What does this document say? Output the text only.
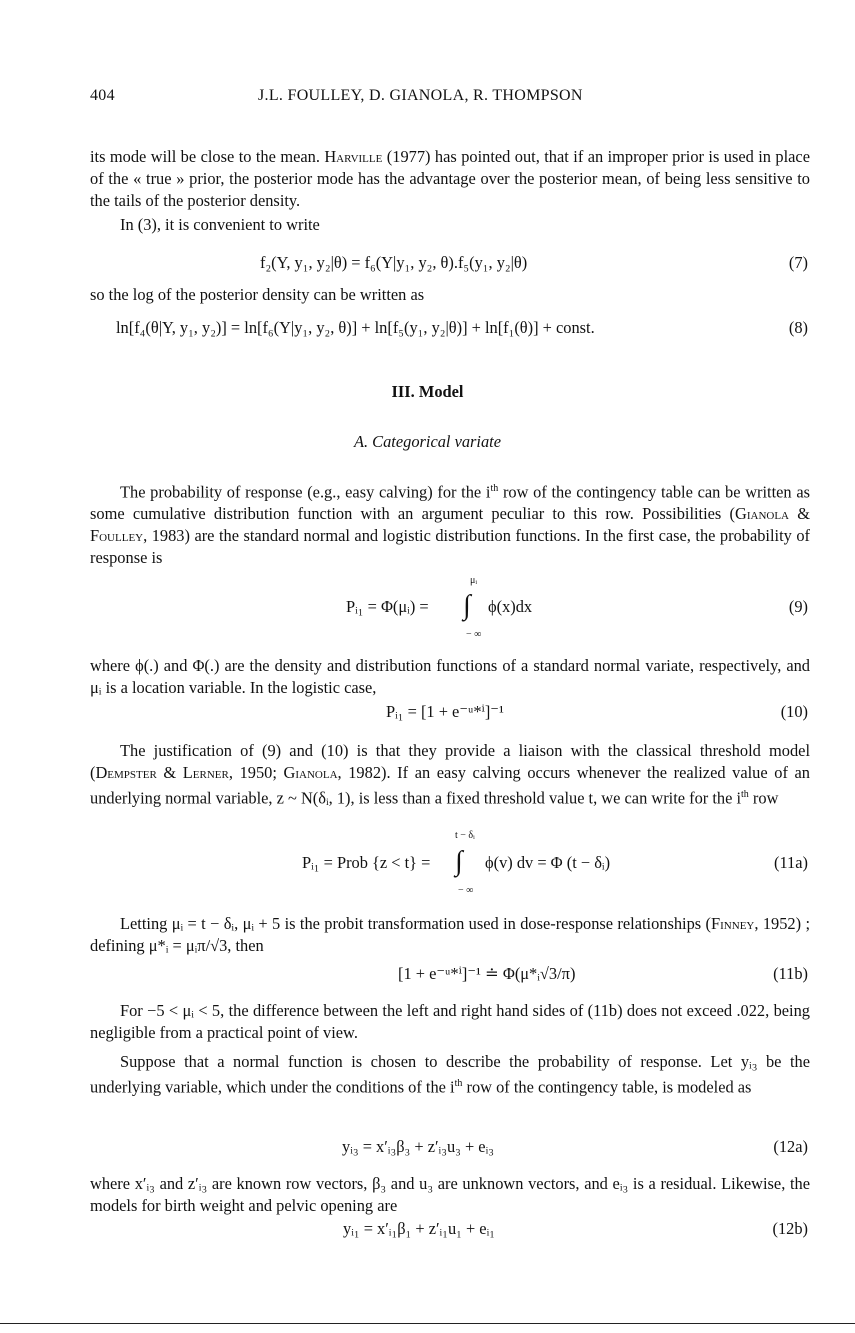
404	J.L. FOULLEY, D. GIANOLA, R. THOMPSON
its mode will be close to the mean. Harville (1977) has pointed out, that if an improper prior is used in place of the « true » prior, the posterior mode has the advantage over the posterior mean, of being less sensitive to the tails of the posterior density.
In (3), it is convenient to write
f₂(Y, y₁, y₂|θ) = f₆(Y|y₁, y₂, θ).f₅(y₁, y₂|θ)	(7)
so the log of the posterior density can be written as
ln[f₄(θ|Y, y₁, y₂)] = ln[f₆(Y|y₁, y₂, θ)] + ln[f₅(y₁, y₂|θ)] + ln[f₁(θ)] + const.	(8)
III. Model
A. Categorical variate
The probability of response (e.g., easy calving) for the $i^{th}$ row of the contingency table can be written as some cumulative distribution function with an argument peculiar to this row. Possibilities (Gianola & Foulley, 1983) are the standard normal and logistic distribution functions. In the first case, the probability of response is
Pᵢ₁ = Φ(μᵢ) =
μᵢ
∫
− ∞
ϕ(x)dx	(9)
where ϕ(.) and Φ(.) are the density and distribution functions of a standard normal variate, respectively, and μᵢ is a location variable. In the logistic case,
Pᵢ₁ = [1 + e⁻ᵘ*ⁱ]⁻¹	(10)
The justification of (9) and (10) is that they provide a liaison with the classical threshold model (Dempster & Lerner, 1950; Gianola, 1982). If an easy calving occurs whenever the realized value of an underlying normal variable, z ~ N(δᵢ, 1), is less than a fixed threshold value t, we can write for the $i^{th}$ row
Pᵢ₁ = Prob {z < t} =
t − δᵢ
∫
− ∞
ϕ(v) dv = Φ (t − δᵢ)	(11a)
Letting μᵢ = t − δᵢ, μᵢ + 5 is the probit transformation used in dose-response relationships (Finney, 1952) ; defining μ*ᵢ = μᵢπ/√3, then
[1 + e⁻ᵘ*ⁱ]⁻¹ ≐ Φ(μ*ᵢ√3/π)	(11b)
For −5 < μᵢ < 5, the difference between the left and right hand sides of (11b) does not exceed .022, being negligible from a practical point of view.
Suppose that a normal function is chosen to describe the probability of response. Let yᵢ₃ be the underlying variable, which under the conditions of the $i^{th}$ row of the contingency table, is modeled as
yᵢ₃ = x′ᵢ₃β₃ + z′ᵢ₃u₃ + eᵢ₃	(12a)
where x′ᵢ₃ and z′ᵢ₃ are known row vectors, β₃ and u₃ are unknown vectors, and eᵢ₃ is a residual. Likewise, the models for birth weight and pelvic opening are
yᵢ₁ = x′ᵢ₁β₁ + z′ᵢ₁u₁ + eᵢ₁	(12b)
